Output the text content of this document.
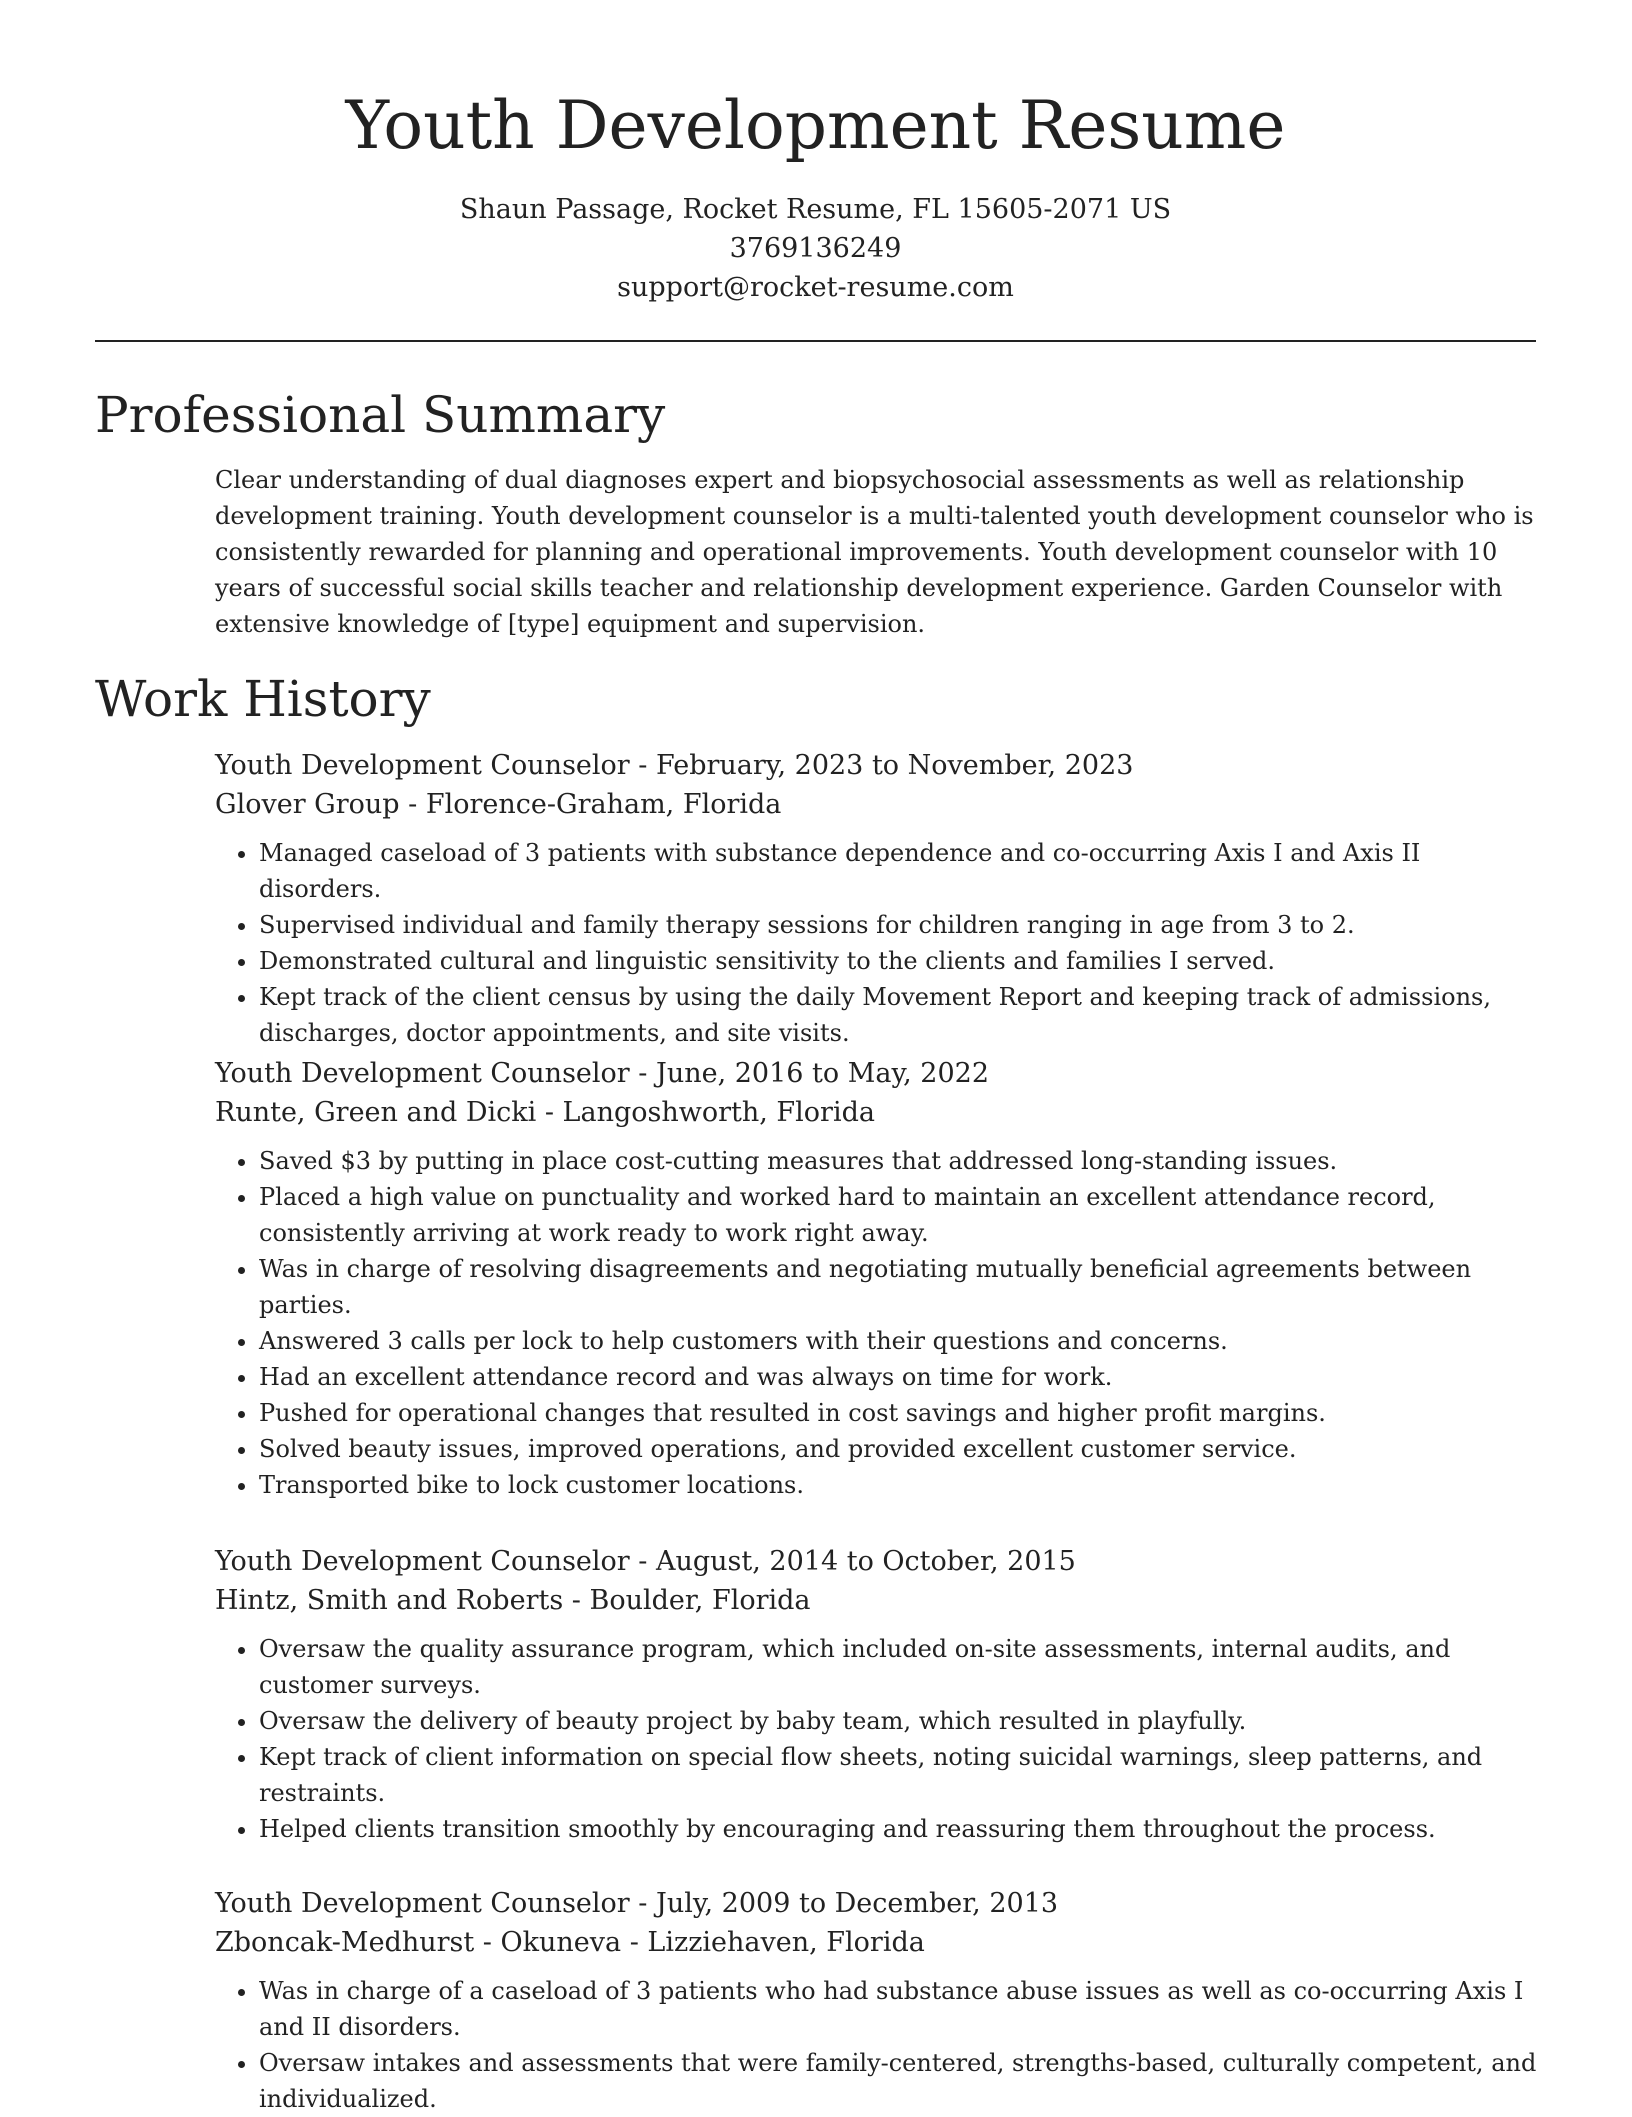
Youth Development Resume
Shaun Passage, Rocket Resume, FL 15605-2071 US
3769136249
support@rocket-resume.com
Professional Summary
Clear understanding of dual diagnoses expert and biopsychosocial assessments as well as relationship development training. Youth development counselor is a multi-talented youth development counselor who is consistently rewarded for planning and operational improvements. Youth development counselor with 10 years of successful social skills teacher and relationship development experience. Garden Counselor with extensive knowledge of [type] equipment and supervision.
Work History
Youth Development Counselor - February, 2023 to November, 2023
Glover Group - Florence-Graham, Florida
• Managed caseload of 3 patients with substance dependence and co-occurring Axis I and Axis II disorders.
• Supervised individual and family therapy sessions for children ranging in age from 3 to 2.
• Demonstrated cultural and linguistic sensitivity to the clients and families I served.
• Kept track of the client census by using the daily Movement Report and keeping track of admissions, discharges, doctor appointments, and site visits.
Youth Development Counselor - June, 2016 to May, 2022
Runte, Green and Dicki - Langoshworth, Florida
• Saved $3 by putting in place cost-cutting measures that addressed long-standing issues.
• Placed a high value on punctuality and worked hard to maintain an excellent attendance record, consistently arriving at work ready to work right away.
• Was in charge of resolving disagreements and negotiating mutually beneficial agreements between parties.
• Answered 3 calls per lock to help customers with their questions and concerns.
• Had an excellent attendance record and was always on time for work.
• Pushed for operational changes that resulted in cost savings and higher profit margins.
• Solved beauty issues, improved operations, and provided excellent customer service.
• Transported bike to lock customer locations.
Youth Development Counselor - August, 2014 to October, 2015
Hintz, Smith and Roberts - Boulder, Florida
• Oversaw the quality assurance program, which included on-site assessments, internal audits, and customer surveys.
• Oversaw the delivery of beauty project by baby team, which resulted in playfully.
• Kept track of client information on special flow sheets, noting suicidal warnings, sleep patterns, and restraints.
• Helped clients transition smoothly by encouraging and reassuring them throughout the process.
Youth Development Counselor - July, 2009 to December, 2013
Zboncak-Medhurst - Okuneva - Lizziehaven, Florida
• Was in charge of a caseload of 3 patients who had substance abuse issues as well as co-occurring Axis I and II disorders.
• Oversaw intakes and assessments that were family-centered, strengths-based, culturally competent, and individualized.
